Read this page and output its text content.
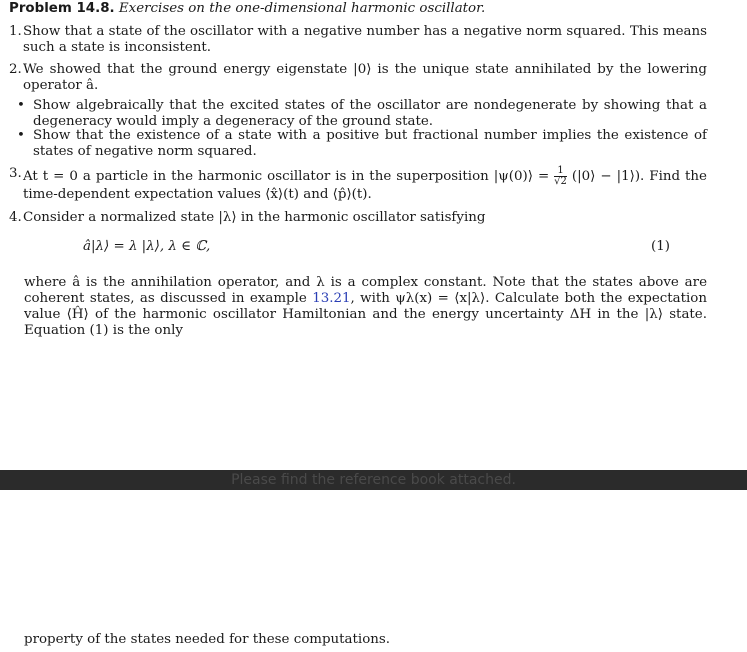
Problem 14.8. Exercises on the one-dimensional harmonic oscillator.
1. Show that a state of the oscillator with a negative number has a negative norm squared. This means such a state is inconsistent.
2. We showed that the ground energy eigenstate |0⟩ is the unique state annihilated by the lowering operator â.
• Show algebraically that the excited states of the oscillator are nondegenerate by showing that a degeneracy would imply a degeneracy of the ground state.
• Show that the existence of a state with a positive but fractional number implies the existence of states of negative norm squared.
3. At t = 0 a particle in the harmonic oscillator is in the superposition |ψ(0)⟩ = $\frac{1}{√2}$ (|0⟩ − |1⟩). Find the time-dependent expectation values ⟨x̂⟩(t) and ⟨p̂⟩(t).
4. Consider a normalized state |λ⟩ in the harmonic oscillator satisfying
â|λ⟩ = λ |λ⟩, λ ∈ ℂ,	(1)
where â is the annihilation operator, and λ is a complex constant. Note that the states above are coherent states, as discussed in example 13.21, with ψλ(x) = ⟨x|λ⟩. Calculate both the expectation value ⟨Ĥ⟩ of the harmonic oscillator Hamiltonian and the energy uncertainty ΔH in the |λ⟩ state. Equation (1) is the only
Please find the reference book attached.
property of the states needed for these computations.
